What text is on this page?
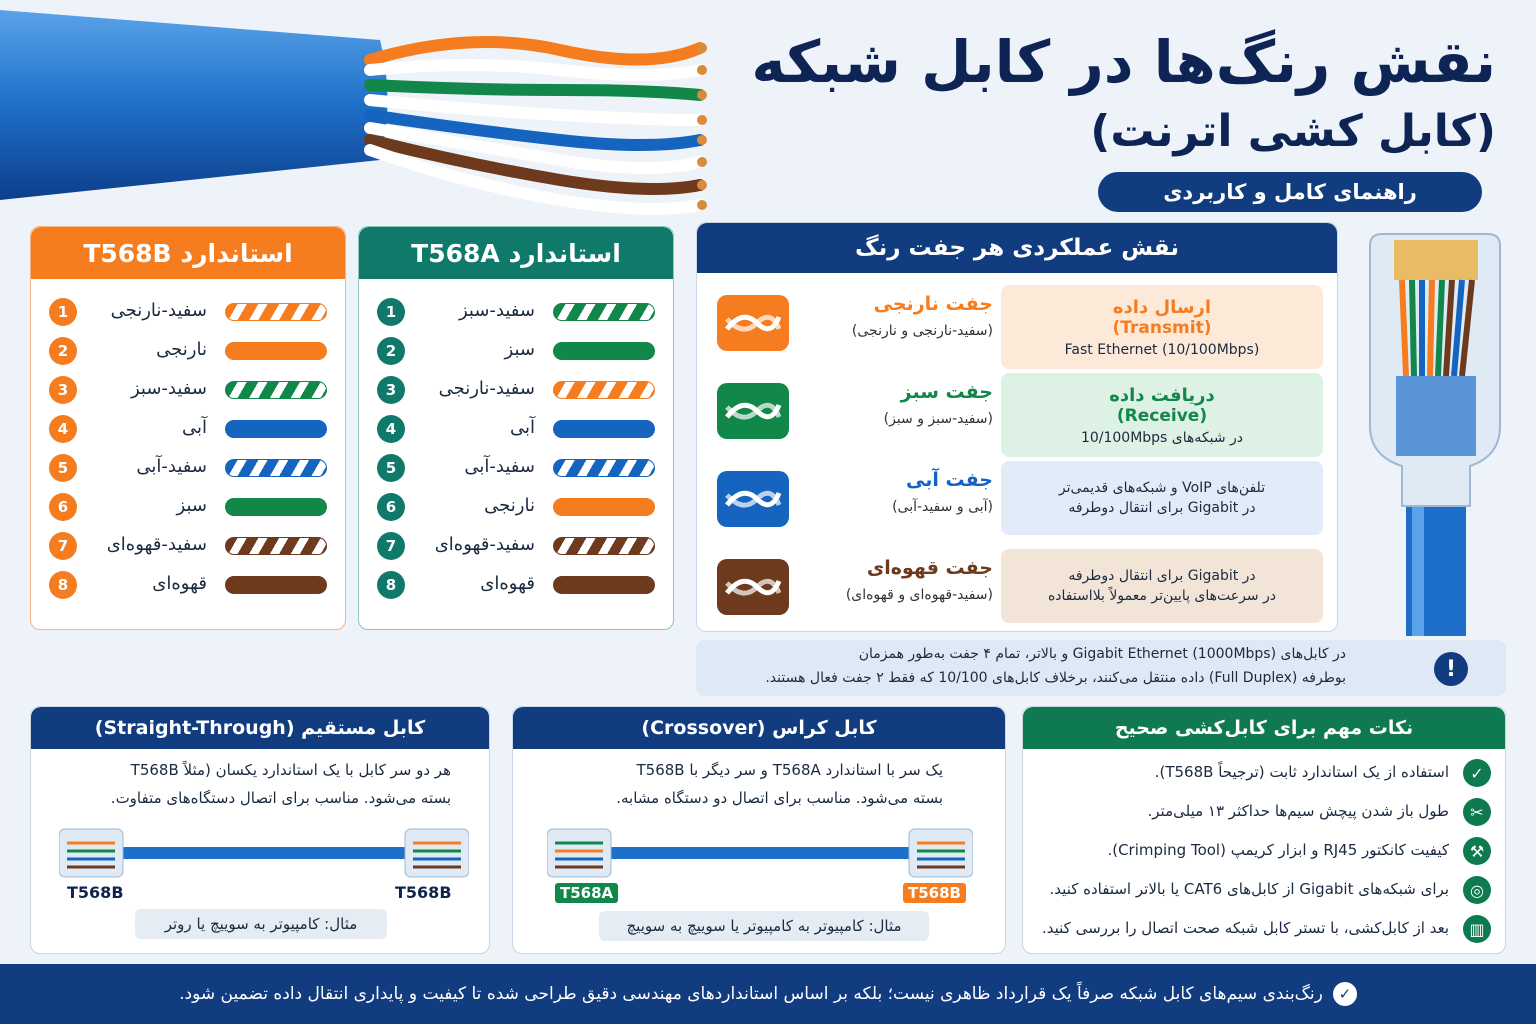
نقش رنگ‌ها در کابل شبکه
(کابل کشی اترنت)
راهنمای کامل و کاربردی
استاندارد T568B
1	سفید-نارنجی
2	نارنجی
3	سفید-سبز
4	آبی
5	سفید-آبی
6	سبز
7	سفید-قهوه‌ای
8	قهوه‌ای
استاندارد T568A
1	سفید-سبز
2	سبز
3	سفید-نارنجی
4	آبی
5	سفید-آبی
6	نارنجی
7	سفید-قهوه‌ای
8	قهوه‌ای
نقش عملکردی هر جفت رنگ
جفت نارنجی
(سفید-نارنجی و نارنجی)
ارسال داده
(Transmit)
Fast Ethernet (10/100Mbps)
جفت سبز
(سفید-سبز و سبز)
دریافت داده
(Receive)
در شبکه‌های 10/100Mbps
جفت آبی
(آبی و سفید-آبی)
تلفن‌های VoIP و شبکه‌های قدیمی‌تر
در Gigabit برای انتقال دوطرفه
جفت قهوه‌ای
(سفید-قهوه‌ای و قهوه‌ای)
در Gigabit برای انتقال دوطرفه
در سرعت‌های پایین‌تر معمولاً بلااستفاده
!
در کابل‌های (Gigabit Ethernet (1000Mbps و بالاتر، تمام ۴ جفت به‌طور همزمان
بوطرفه (Full Duplex) داده منتقل می‌کنند، برخلاف کابل‌های 10/100 که فقط ۲ جفت فعال هستند.
کابل مستقیم (Straight-Through)
هر دو سر کابل با یک استاندارد یکسان (مثلاً T568B
بسته می‌شود. مناسب برای اتصال دستگاه‌های متفاوت.
T568B	T568B
مثال: کامپیوتر به سوییچ یا روتر
کابل کراس (Crossover)
یک سر با استاندارد T568A و سر دیگر با T568B
بسته می‌شود. مناسب برای اتصال دو دستگاه مشابه.
T568A	T568B
مثال: کامپیوتر به کامپیوتر یا سوییچ به سوییچ
نکات مهم برای کابل‌کشی صحیح
✓
استفاده از یک استاندارد ثابت (ترجیحاً T568B).
✂
طول باز شدن پیچش سیم‌ها حداکثر ۱۳ میلی‌متر.
⚒
کیفیت کانکتور RJ45 و ابزار کریمپ (Crimping Tool).
◎
برای شبکه‌های Gigabit از کابل‌های CAT6 یا بالاتر استفاده کنید.
▥
بعد از کابل‌کشی، با تستر کابل شبکه صحت اتصال را بررسی کنید.
✓
رنگ‌بندی سیم‌های کابل شبکه صرفاً یک قرارداد ظاهری نیست؛ بلکه بر اساس استانداردهای مهندسی دقیق طراحی شده تا کیفیت و پایداری انتقال داده تضمین شود.
